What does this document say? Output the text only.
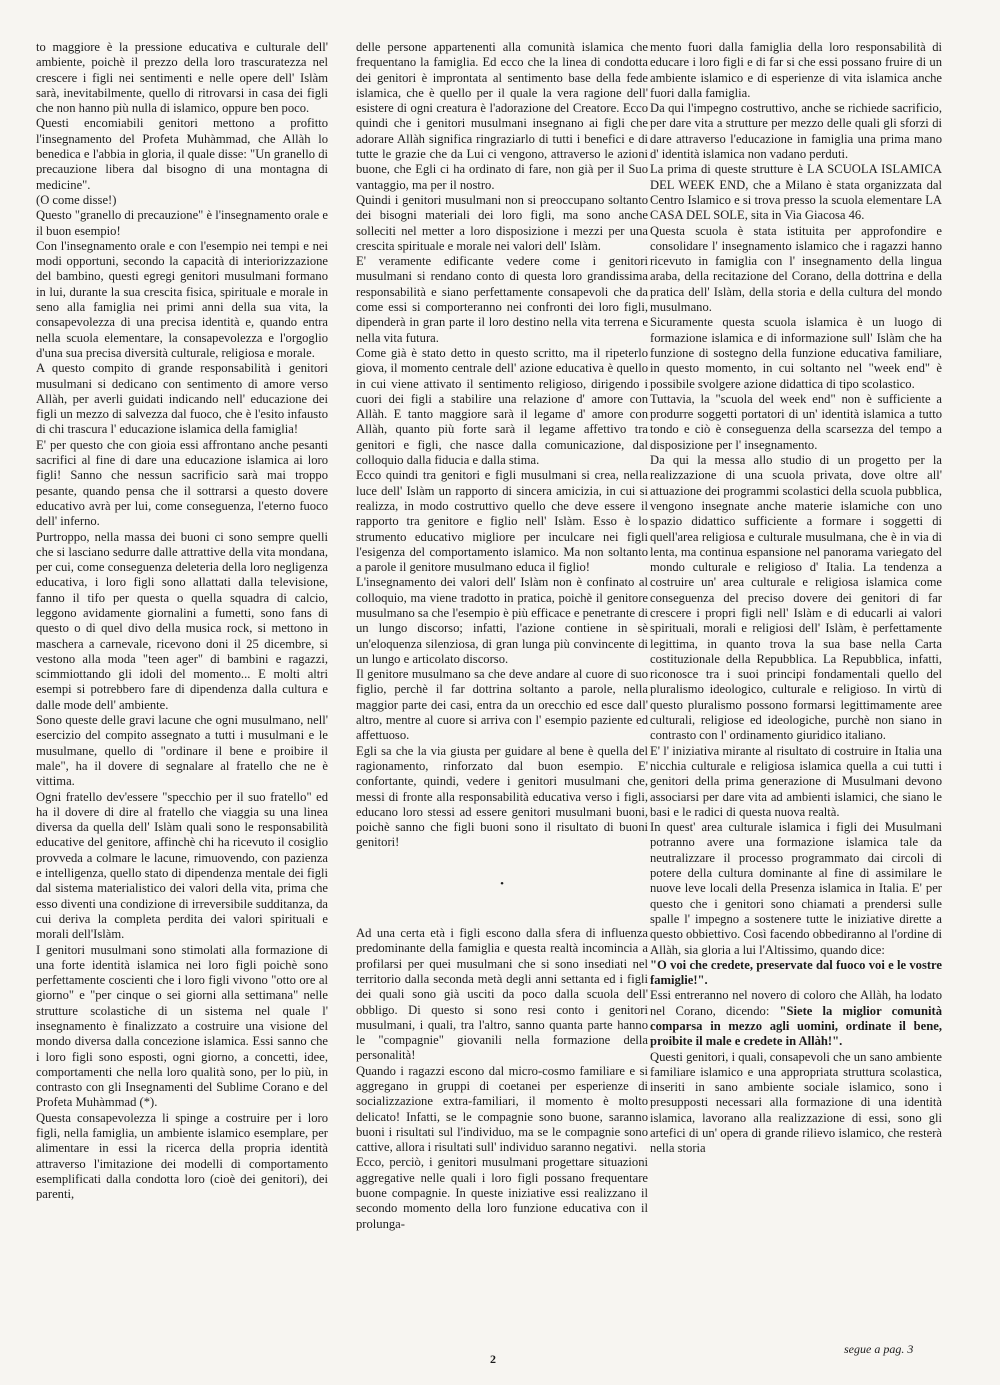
to maggiore è la pressione educativa e culturale dell' ambiente, poichè il prezzo della loro trascuratezza nel crescere i figli nei sentimenti e nelle opere dell' Islàm sarà, inevitabilmente, quello di ritrovarsi in casa dei figli che non hanno più nulla di islamico, oppure ben poco.

Questi encomiabili genitori mettono a profitto l'insegnamento del Profeta Muhàmmad, che Allàh lo benedica e l'abbia in gloria, il quale disse: "Un granello di precauzione libera dal bisogno di una montagna di medicine".

(O come disse!)

Questo "granello di precauzione" è l'insegnamento orale e il buon esempio!

Con l'insegnamento orale e con l'esempio nei tempi e nei modi opportuni, secondo la capacità di interiorizzazione del bambino, questi egregi genitori musulmani formano in lui, durante la sua crescita fisica, spirituale e morale in seno alla famiglia nei primi anni della sua vita, la consapevolezza di una precisa identità e, quando entra nella scuola elementare, la consapevolezza e l'orgoglio d'una sua precisa diversità culturale, religiosa e morale.

A questo compito di grande responsabilità i genitori musulmani si dedicano con sentimento di amore verso Allàh, per averli guidati indicando nell' educazione dei figli un mezzo di salvezza dal fuoco, che è l'esito infausto di chi trascura l' educazione islamica della famiglia!

E' per questo che con gioia essi affrontano anche pesanti sacrifici al fine di dare una educazione islamica ai loro figli! Sanno che nessun sacrificio sarà mai troppo pesante, quando pensa che il sottrarsi a questo dovere educativo avrà per lui, come conseguenza, l'eterno fuoco dell' inferno.

Purtroppo, nella massa dei buoni ci sono sempre quelli che si lasciano sedurre dalle attrattive della vita mondana, per cui, come conseguenza deleteria della loro negligenza educativa, i loro figli sono allattati dalla televisione, fanno il tifo per questa o quella squadra di calcio, leggono avidamente giornalini a fumetti, sono fans di questo o di quel divo della musica rock, si mettono in maschera a carnevale, ricevono doni il 25 dicembre, si vestono alla moda "teen ager" di bambini e ragazzi, scimmiottando gli idoli del momento... E molti altri esempi si potrebbero fare di dipendenza dalla cultura e dalle mode dell' ambiente.

Sono queste delle gravi lacune che ogni musulmano, nell' esercizio del compito assegnato a tutti i musulmani e le musulmane, quello di "ordinare il bene e proibire il male", ha il dovere di segnalare al fratello che ne è vittima.

Ogni fratello dev'essere "specchio per il suo fratello" ed ha il dovere di dire al fratello che viaggia su una linea diversa da quella dell' Islàm quali sono le responsabilità educative del genitore, affinchè chi ha ricevuto il cosiglio provveda a colmare le lacune, rimuovendo, con pazienza e intelligenza, quello stato di dipendenza mentale dei figli dal sistema materialistico dei valori della vita, prima che esso diventi una condizione di irreversibile sudditanza, da cui deriva la completa perdita dei valori spirituali e morali dell'Islàm.

I genitori musulmani sono stimolati alla formazione di una forte identità islamica nei loro figli poichè sono perfettamente coscienti che i loro figli vivono "otto ore al giorno" e "per cinque o sei giorni alla settimana" nelle strutture scolastiche di un sistema nel quale l' insegnamento è finalizzato a costruire una visione del mondo diversa dalla concezione islamica. Essi sanno che i loro figli sono esposti, ogni giorno, a concetti, idee, comportamenti che nella loro qualità sono, per lo più, in contrasto con gli Insegnamenti del Sublime Corano e del Profeta Muhàmmad (*).

Questa consapevolezza li spinge a costruire per i loro figli, nella famiglia, un ambiente islamico esemplare, per alimentare in essi la ricerca della propria identità attraverso l'imitazione dei modelli di comportamento esemplificati dalla condotta loro (cioè dei genitori), dei parenti,

delle persone appartenenti alla comunità islamica che frequentano la famiglia. Ed ecco che la linea di condotta dei genitori è improntata al sentimento base della fede islamica, che è quello per il quale la vera ragione dell' esistere di ogni creatura è l'adorazione del Creatore. Ecco quindi che i genitori musulmani insegnano ai figli che adorare Allàh significa ringraziarlo di tutti i benefici e di tutte le grazie che da Lui ci vengono, attraverso le azioni buone, che Egli ci ha ordinato di fare, non già per il Suo vantaggio, ma per il nostro.

Quindi i genitori musulmani non si preoccupano soltanto dei bisogni materiali dei loro figli, ma sono anche solleciti nel metter a loro disposizione i mezzi per una crescita spirituale e morale nei valori dell' Islàm.

E' veramente edificante vedere come i genitori musulmani si rendano conto di questa loro grandissima responsabilità e siano perfettamente consapevoli che da come essi si comporteranno nei confronti dei loro figli, dipenderà in gran parte il loro destino nella vita terrena e nella vita futura.

Come già è stato detto in questo scritto, ma il ripeterlo giova, il momento centrale dell' azione educativa è quello in cui viene attivato il sentimento religioso, dirigendo i cuori dei figli a stabilire una relazione d' amore con Allàh. E tanto maggiore sarà il legame d' amore con Allàh, quanto più forte sarà il legame affettivo tra genitori e figli, che nasce dalla comunicazione, dal colloquio dalla fiducia e dalla stima.

Ecco quindi tra genitori e figli musulmani si crea, nella luce dell' Islàm un rapporto di sincera amicizia, in cui si realizza, in modo costruttivo quello che deve essere il rapporto tra genitore e figlio nell' Islàm. Esso è lo strumento educativo migliore per inculcare nei figli l'esigenza del comportamento islamico. Ma non soltanto a parole il genitore musulmano educa il figlio!

L'insegnamento dei valori dell' Islàm non è confinato al colloquio, ma viene tradotto in pratica, poichè il genitore musulmano sa che l'esempio è più efficace e penetrante di un lungo discorso; infatti, l'azione contiene in sè un'eloquenza silenziosa, di gran lunga più convincente di un lungo e articolato discorso.

Il genitore musulmano sa che deve andare al cuore di suo figlio, perchè il far dottrina soltanto a parole, nella maggior parte dei casi, entra da un orecchio ed esce dall' altro, mentre al cuore si arriva con l' esempio paziente ed affettuoso.

Egli sa che la via giusta per guidare al bene è quella del ragionamento, rinforzato dal buon esempio. E' confortante, quindi, vedere i genitori musulmani che, messi di fronte alla responsabilità educativa verso i figli, educano loro stessi ad essere genitori musulmani buoni, poichè sanno che figli buoni sono il risultato di buoni genitori!

•

Ad una certa età i figli escono dalla sfera di influenza predominante della famiglia e questa realtà incomincia a profilarsi per quei musulmani che si sono insediati nel territorio dalla seconda metà degli anni settanta ed i figli dei quali sono già usciti da poco dalla scuola dell' obbligo. Di questo si sono resi conto i genitori musulmani, i quali, tra l'altro, sanno quanta parte hanno le "compagnie" giovanili nella formazione della personalità!

Quando i ragazzi escono dal micro-cosmo familiare e si aggregano in gruppi di coetanei per esperienze di socializzazione extra-familiari, il momento è molto delicato! Infatti, se le compagnie sono buone, saranno buoni i risultati sul l'individuo, ma se le compagnie sono cattive, allora i risultati sull' individuo saranno negativi.

Ecco, perciò, i genitori musulmani progettare situazioni aggregative nelle quali i loro figli possano frequentare buone compagnie. In queste iniziative essi realizzano il secondo momento della loro funzione educativa con il prolunga-

mento fuori dalla famiglia della loro responsabilità di educare i loro figli e di far si che essi possano fruire di un ambiente islamico e di esperienze di vita islamica anche fuori dalla famiglia.

Da qui l'impegno costruttivo, anche se richiede sacrificio, per dare vita a strutture per mezzo delle quali gli sforzi di dare attraverso l'educazione in famiglia una prima mano d' identità islamica non vadano perduti.

La prima di queste strutture è LA SCUOLA ISLAMICA DEL WEEK END, che a Milano è stata organizzata dal Centro Islamico e si trova presso la scuola elementare LA CASA DEL SOLE, sita in Via Giacosa 46.

Questa scuola è stata istituita per approfondire e consolidare l' insegnamento islamico che i ragazzi hanno ricevuto in famiglia con l' insegnamento della lingua araba, della recitazione del Corano, della dottrina e della pratica dell' Islàm, della storia e della cultura del mondo musulmano.

Sicuramente questa scuola islamica è un luogo di formazione islamica e di informazione sull' Islàm che ha funzione di sostegno della funzione educativa familiare, in questo momento, in cui soltanto nel "week end" è possibile svolgere azione didattica di tipo scolastico.

Tuttavia, la "scuola del week end" non è sufficiente a produrre soggetti portatori di un' identità islamica a tutto tondo e ciò è conseguenza della scarsezza del tempo a disposizione per l' insegnamento.

Da qui la messa allo studio di un progetto per la realizzazione di una scuola privata, dove oltre all' attuazione dei programmi scolastici della scuola pubblica, vengono insegnate anche materie islamiche con uno spazio didattico sufficiente a formare i soggetti di quell'area religiosa e culturale musulmana, che è in via di lenta, ma continua espansione nel panorama variegato del mondo culturale e religioso d' Italia. La tendenza a costruire un' area culturale e religiosa islamica come conseguenza del preciso dovere dei genitori di far crescere i propri figli nell' Islàm e di educarli ai valori spirituali, morali e religiosi dell' Islàm, è perfettamente legittima, in quanto trova la sua base nella Carta costituzionale della Repubblica. La Repubblica, infatti, riconosce tra i suoi principi fondamentali quello del pluralismo ideologico, culturale e religioso. In virtù di questo pluralismo possono formarsi legittimamente aree culturali, religiose ed ideologiche, purchè non siano in contrasto con l' ordinamento giuridico italiano.

E' l' iniziativa mirante al risultato di costruire in Italia una nicchia culturale e religiosa islamica quella a cui tutti i genitori della prima generazione di Musulmani devono associarsi per dare vita ad ambienti islamici, che siano le basi e le radici di questa nuova realtà.

In quest' area culturale islamica i figli dei Musulmani potranno avere una formazione islamica tale da neutralizzare il processo programmato dai circoli di potere della cultura dominante al fine di assimilare le nuove leve locali della Presenza islamica in Italia. E' per questo che i genitori sono chiamati a prendersi sulle spalle l' impegno a sostenere tutte le iniziative dirette a questo obbiettivo. Così facendo obbediranno al l'ordine di Allàh, sia gloria a lui l'Altissimo, quando dice:

"O voi che credete, preservate dal fuoco voi e le vostre famiglie!".

Essi entreranno nel novero di coloro che Allàh, ha lodato nel Corano, dicendo: "Siete la miglior comunità comparsa in mezzo agli uomini, ordinate il bene, proibite il male e credete in Allàh!".

Questi genitori, i quali, consapevoli che un sano ambiente familiare islamico e una appropriata struttura scolastica, inseriti in sano ambiente sociale islamico, sono i presupposti necessari alla formazione di una identità islamica, lavorano alla realizzazione di essi, sono gli artefici di un' opera di grande rilievo islamico, che resterà nella storia

segue a pag. 3
2
